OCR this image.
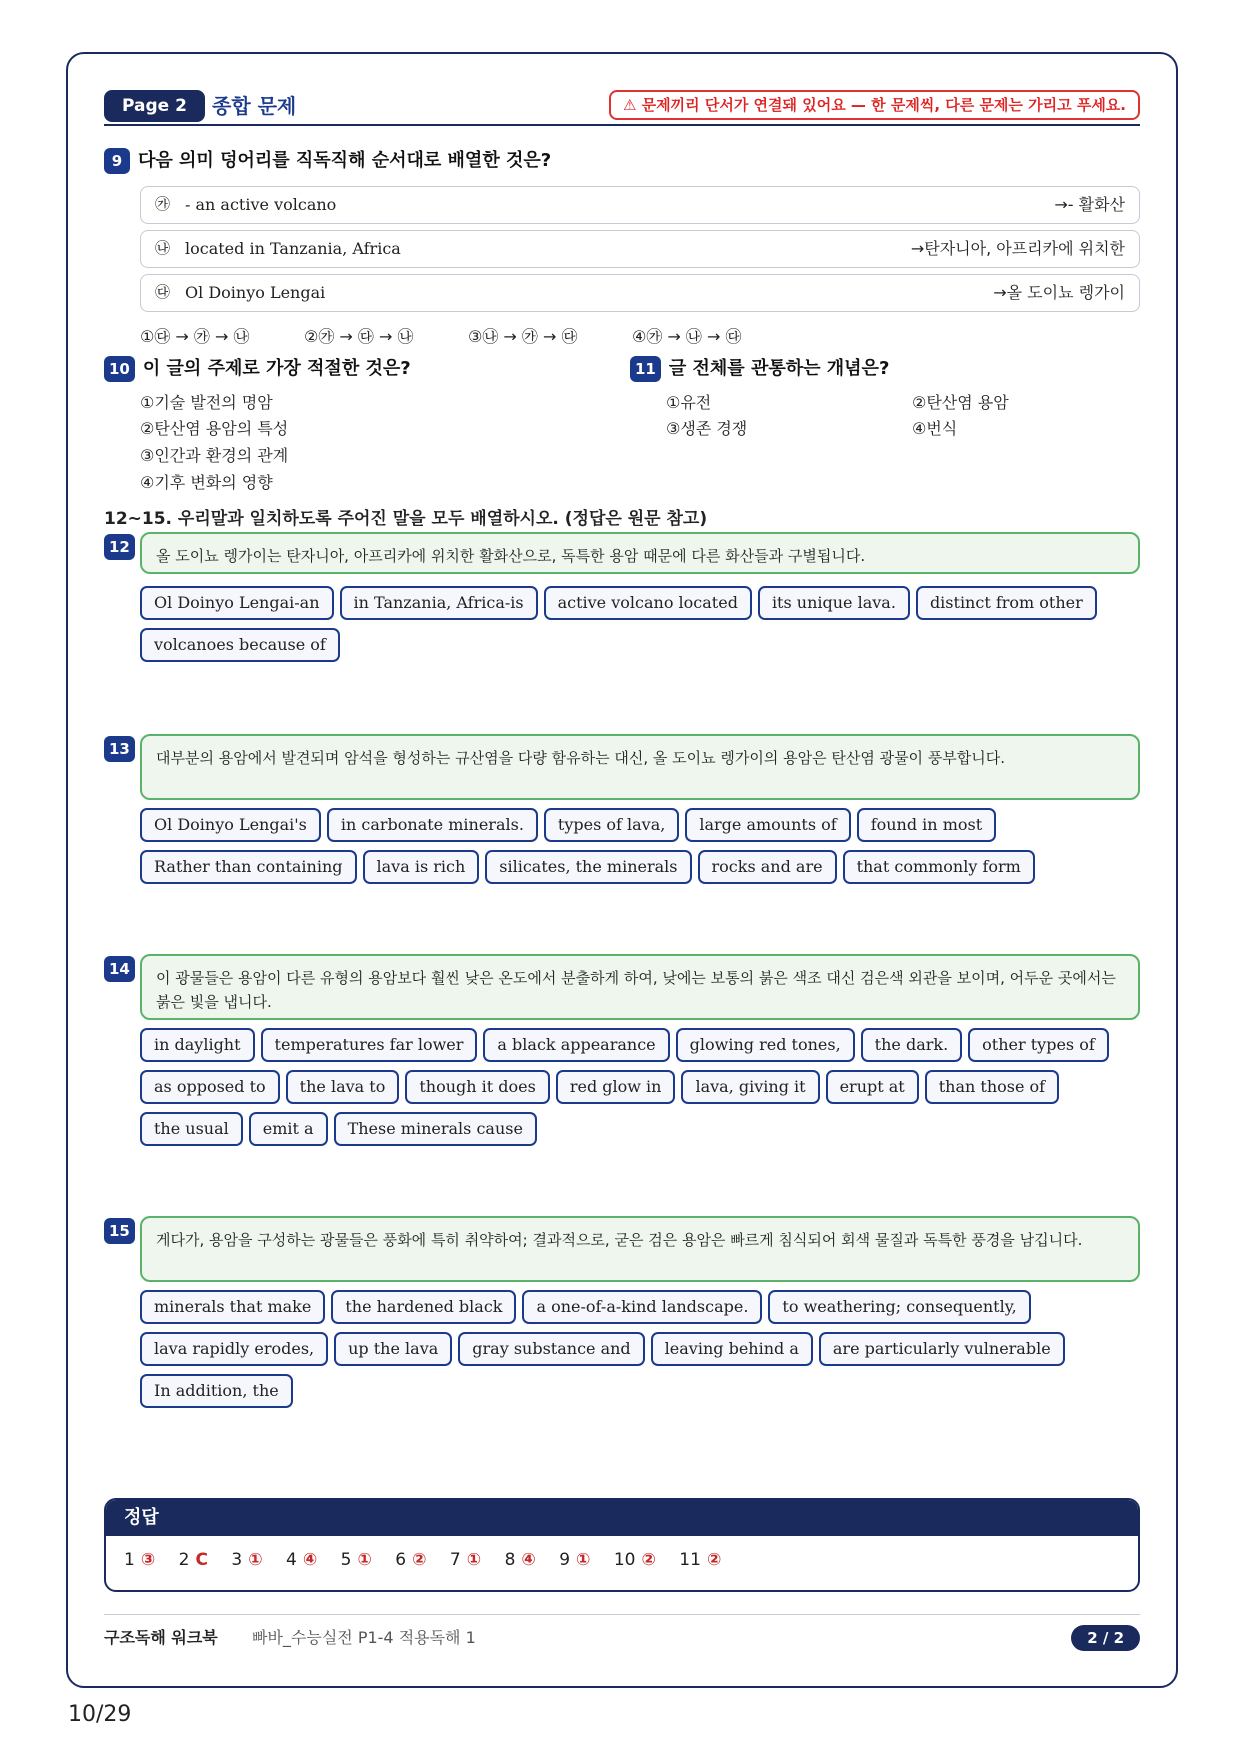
Page 2	종합 문제	⚠ 문제끼리 단서가 연결돼 있어요 — 한 문제씩, 다른 문제는 가리고 푸세요.
9 다음 의미 덩어리를 직독직해 순서대로 배열한 것은?
㉮ - an active volcano	→- 활화산
㉯ located in Tanzania, Africa	→탄자니아, 아프리카에 위치한
㉰ Ol Doinyo Lengai	→올 도이뇨 렝가이
①㉰ → ㉮ → ㉯	②㉮ → ㉰ → ㉯	③㉯ → ㉮ → ㉰	④㉮ → ㉯ → ㉰
10 이 글의 주제로 가장 적절한 것은?
①기술 발전의 명암
②탄산염 용암의 특성
③인간과 환경의 관계
④기후 변화의 영향
11 글 전체를 관통하는 개념은?
①유전	②탄산염 용암
③생존 경쟁	④번식
12~15. 우리말과 일치하도록 주어진 말을 모두 배열하시오. (정답은 원문 참고)
12	올 도이뇨 렝가이는 탄자니아, 아프리카에 위치한 활화산으로, 독특한 용암 때문에 다른 화산들과 구별됩니다.
Ol Doinyo Lengai-an in Tanzania, Africa-is active volcano located its unique lava. distinct from other
volcanoes because of
13	대부분의 용암에서 발견되며 암석을 형성하는 규산염을 다량 함유하는 대신, 올 도이뇨 렝가이의 용암은 탄산염 광물이 풍부합니다.
Ol Doinyo Lengai's in carbonate minerals. types of lava, large amounts of found in most
Rather than containing lava is rich silicates, the minerals rocks and are that commonly form
14	이 광물들은 용암이 다른 유형의 용암보다 훨씬 낮은 온도에서 분출하게 하여, 낮에는 보통의 붉은 색조 대신 검은색 외관을 보이며, 어두운 곳에서는 붉은 빛을 냅니다.
in daylight temperatures far lower a black appearance glowing red tones, the dark. other types of
as opposed to the lava to though it does red glow in lava, giving it erupt at than those of
the usual emit a These minerals cause
15	게다가, 용암을 구성하는 광물들은 풍화에 특히 취약하여; 결과적으로, 굳은 검은 용암은 빠르게 침식되어 회색 물질과 독특한 풍경을 남깁니다.
minerals that make the hardened black a one-of-a-kind landscape. to weathering; consequently,
lava rapidly erodes, up the lava gray substance and leaving behind a are particularly vulnerable
In addition, the
정답
1 ③ 2 C 3 ① 4 ④ 5 ① 6 ② 7 ① 8 ④ 9 ① 10 ② 11 ②
구조독해 워크북 빠바_수능실전 P1-4 적용독해 1	2 / 2
10/29
